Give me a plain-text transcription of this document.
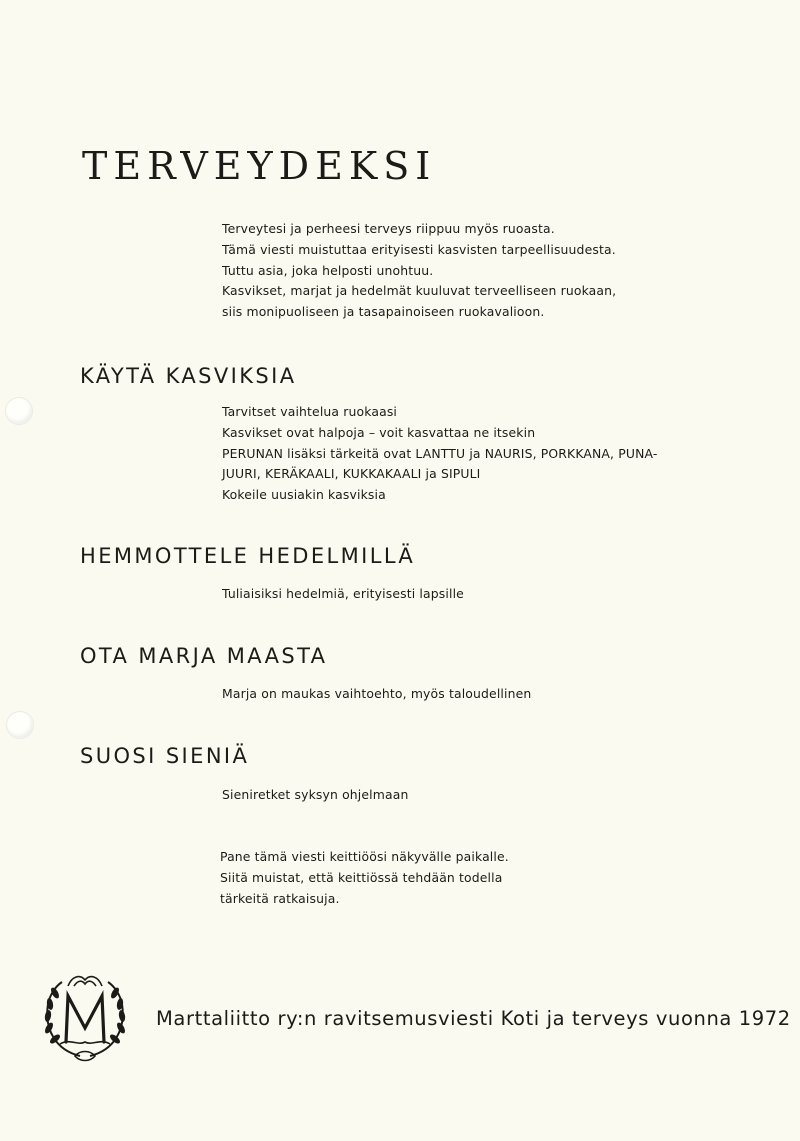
TERVEYDEKSI
Terveytesi ja perheesi terveys riippuu myös ruoasta.
Tämä viesti muistuttaa erityisesti kasvisten tarpeellisuudesta.
Tuttu asia, joka helposti unohtuu.
Kasvikset, marjat ja hedelmät kuuluvat terveelliseen ruokaan,
siis monipuoliseen ja tasapainoiseen ruokavalioon.
KÄYTÄ KASVIKSIA
Tarvitset vaihtelua ruokaasi
Kasvikset ovat halpoja – voit kasvattaa ne itsekin
PERUNAN lisäksi tärkeitä ovat LANTTU ja NAURIS, PORKKANA, PUNA-
JUURI, KERÄKAALI, KUKKAKAALI ja SIPULI
Kokeile uusiakin kasviksia
HEMMOTTELE HEDELMILLÄ
Tuliaisiksi hedelmiä, erityisesti lapsille
OTA MARJA MAASTA
Marja on maukas vaihtoehto, myös taloudellinen
SUOSI SIENIÄ
Sieniretket syksyn ohjelmaan
Pane tämä viesti keittiöösi näkyvälle paikalle.
Siitä muistat, että keittiössä tehdään todella
tärkeitä ratkaisuja.

Marttaliitto ry:n ravitsemusviesti Koti ja terveys vuonna 1972
